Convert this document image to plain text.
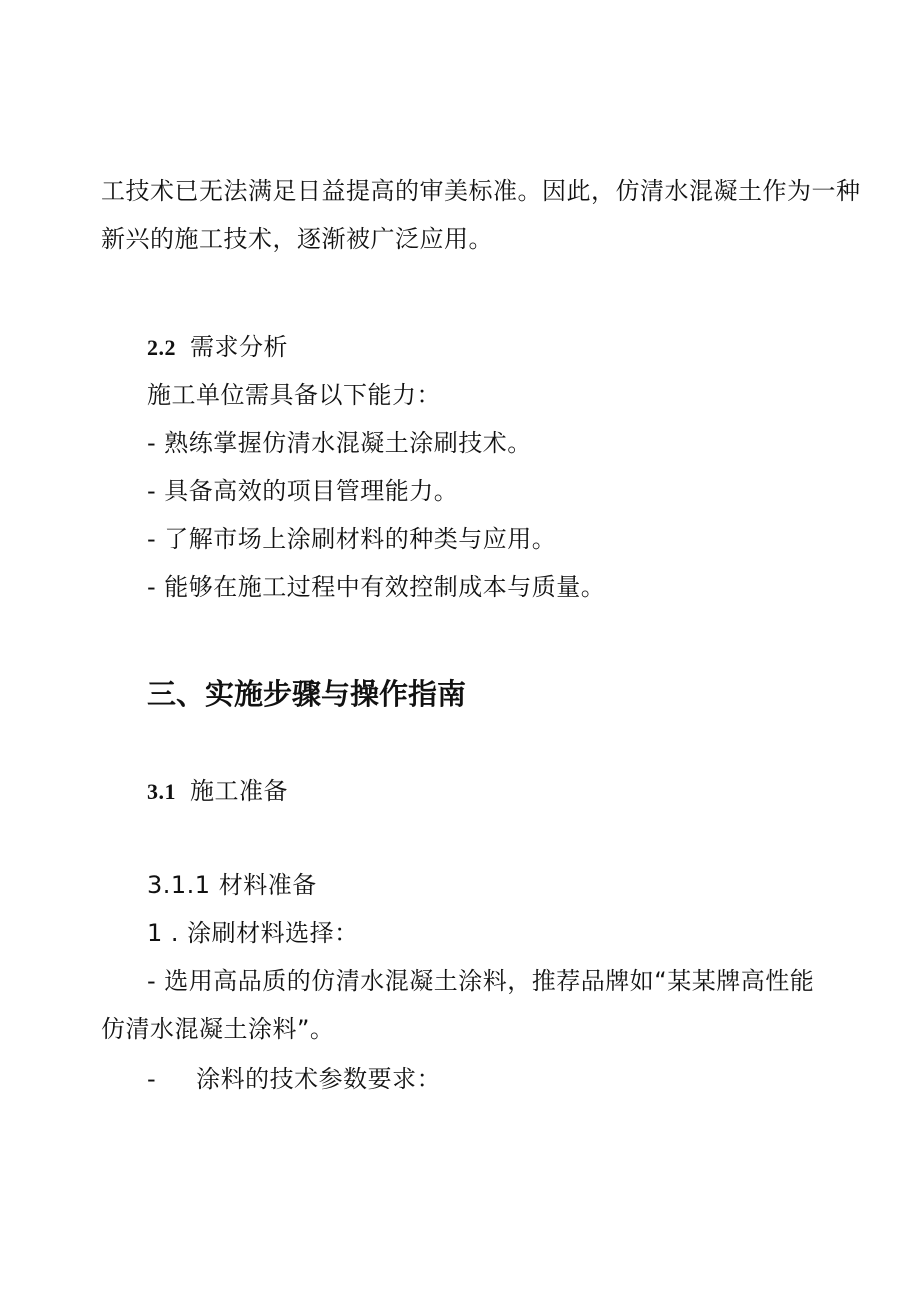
工技术已无法满足日益提高的审美标准。因此，仿清水混凝土作为一种
新兴的施工技术，逐渐被广泛应用。
2.2 需求分析
施工单位需具备以下能力：
- 熟练掌握仿清水混凝土涂刷技术。
- 具备高效的项目管理能力。
- 了解市场上涂刷材料的种类与应用。
- 能够在施工过程中有效控制成本与质量。
三、实施步骤与操作指南
3.1 施工准备
3.1.1 材料准备
1 . 涂刷材料选择：
- 选用高品质的仿清水混凝土涂料，推荐品牌如“某某牌高性能
仿清水混凝土涂料”。
- 涂料的技术参数要求：
